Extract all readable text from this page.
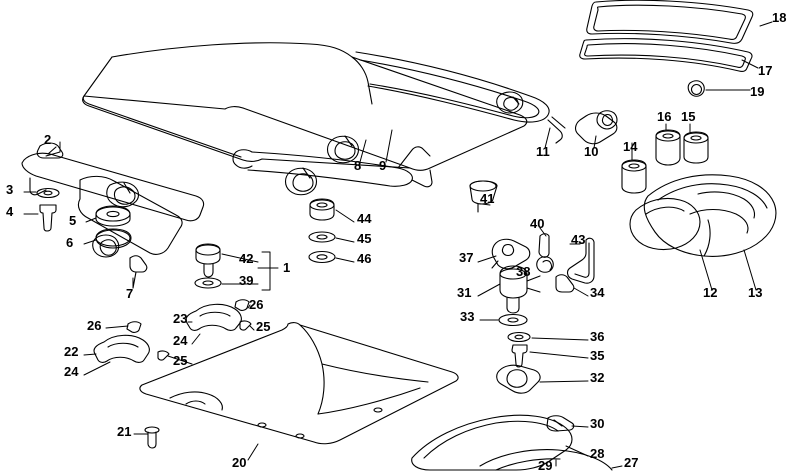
1
2
3
4
5
6
7
8 9
10
11
12 13
14
15
16
17
18
19
20
21
22
23
24
24
25
25
26
26
27
28
29
30
31
32
33
34
35
36
37
38
39
40
41
42
43
44
45
46
